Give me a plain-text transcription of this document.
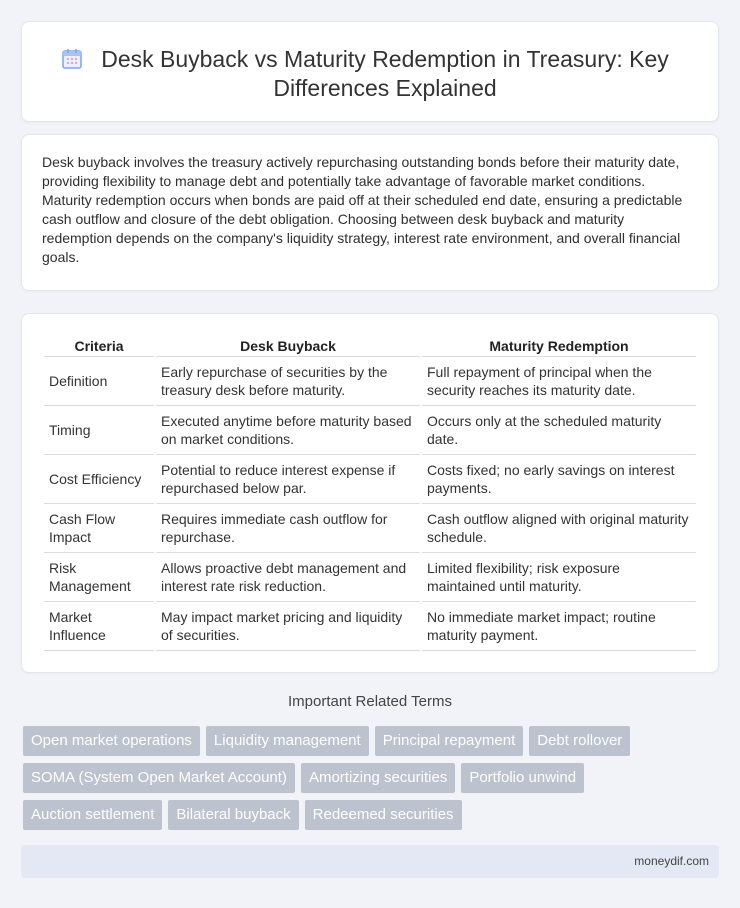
Desk Buyback vs Maturity Redemption in Treasury: Key Differences Explained

Desk buyback involves the treasury actively repurchasing outstanding bonds before their maturity date, providing flexibility to manage debt and potentially take advantage of favorable market conditions. Maturity redemption occurs when bonds are paid off at their scheduled end date, ensuring a predictable cash outflow and closure of the debt obligation. Choosing between desk buyback and maturity redemption depends on the company's liquidity strategy, interest rate environment, and overall financial goals.

Criteria	Desk Buyback	Maturity Redemption
Definition	Early repurchase of securities by the treasury desk before maturity.	Full repayment of principal when the security reaches its maturity date.
Timing	Executed anytime before maturity based on market conditions.	Occurs only at the scheduled maturity date.
Cost Efficiency	Potential to reduce interest expense if repurchased below par.	Costs fixed; no early savings on interest payments.
Cash Flow Impact	Requires immediate cash outflow for repurchase.	Cash outflow aligned with original maturity schedule.
Risk Management	Allows proactive debt management and interest rate risk reduction.	Limited flexibility; risk exposure maintained until maturity.
Market Influence	May impact market pricing and liquidity of securities.	No immediate market impact; routine maturity payment.
Important Related Terms
Open market operations	Liquidity management	Principal repayment	Debt rollover
SOMA (System Open Market Account)	Amortizing securities	Portfolio unwind
Auction settlement	Bilateral buyback	Redeemed securities
moneydif.com
